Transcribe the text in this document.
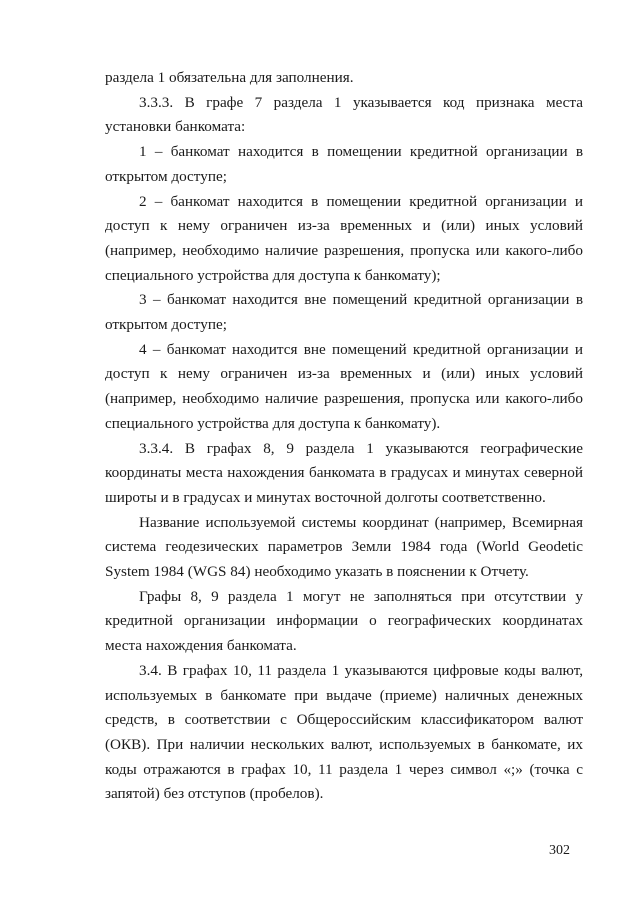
раздела 1 обязательна для заполнения.

3.3.3. В графе 7 раздела 1 указывается код признака места установки банкомата:

1 – банкомат находится в помещении кредитной организации в открытом доступе;

2 – банкомат находится в помещении кредитной организации и доступ к нему ограничен из-за временных и (или) иных условий (например, необходимо наличие разрешения, пропуска или какого-либо специального устройства для доступа к банкомату);

3 – банкомат находится вне помещений кредитной организации в открытом доступе;

4 – банкомат находится вне помещений кредитной организации и доступ к нему ограничен из-за временных и (или) иных условий (например, необходимо наличие разрешения, пропуска или какого-либо специального устройства для доступа к банкомату).

3.3.4. В графах 8, 9 раздела 1 указываются географические координаты места нахождения банкомата в градусах и минутах северной широты и в градусах и минутах восточной долготы соответственно.

Название используемой системы координат (например, Всемирная система геодезических параметров Земли 1984 года (World Geodetic System 1984 (WGS 84) необходимо указать в пояснении к Отчету.

Графы 8, 9 раздела 1 могут не заполняться при отсутствии у кредитной организации информации о географических координатах места нахождения банкомата.

3.4. В графах 10, 11 раздела 1 указываются цифровые коды валют, используемых в банкомате при выдаче (приеме) наличных денежных средств, в соответствии с Общероссийским классификатором валют (ОКВ). При наличии нескольких валют, используемых в банкомате, их коды отражаются в графах 10, 11 раздела 1 через символ «;» (точка с запятой) без отступов (пробелов).

302
